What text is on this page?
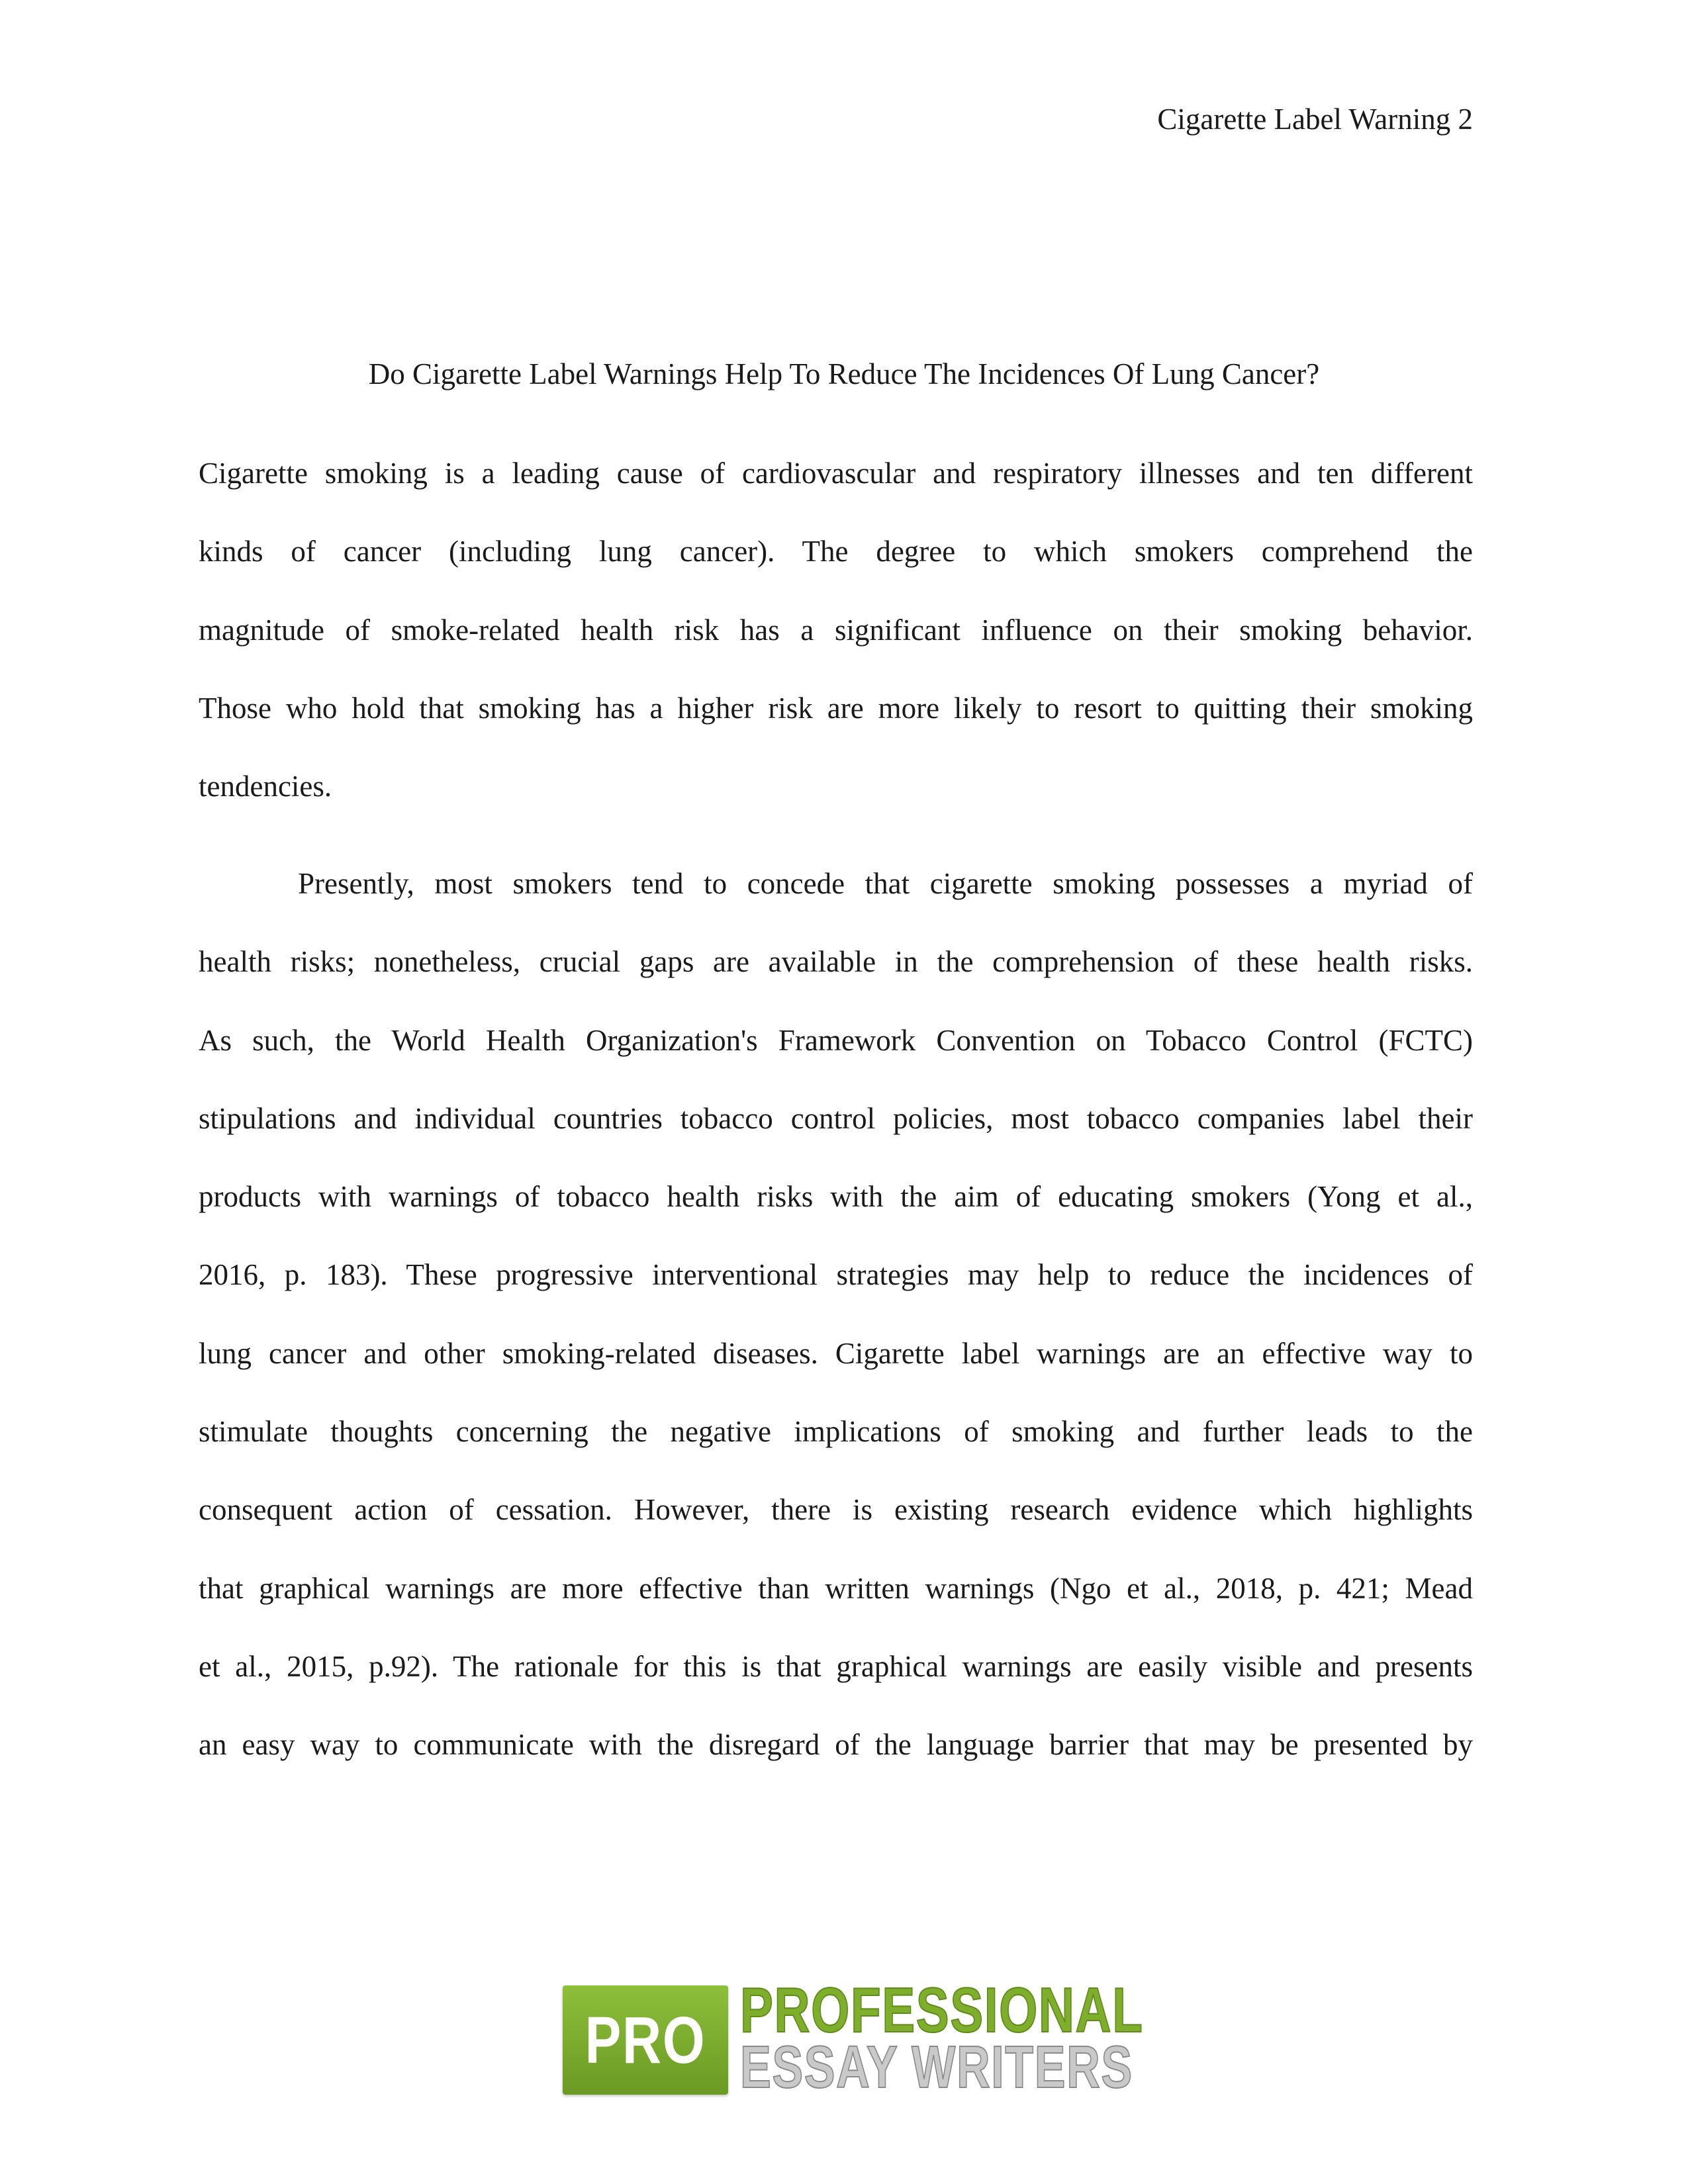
Cigarette Label Warning 2
Do Cigarette Label Warnings Help To Reduce The Incidences Of Lung Cancer?
Cigarette smoking is a leading cause of cardiovascular and respiratory illnesses and ten different
kinds of cancer (including lung cancer). The degree to which smokers comprehend the
magnitude of smoke-related health risk has a significant influence on their smoking behavior.
Those who hold that smoking has a higher risk are more likely to resort to quitting their smoking
tendencies.
Presently, most smokers tend to concede that cigarette smoking possesses a myriad of
health risks; nonetheless, crucial gaps are available in the comprehension of these health risks.
As such, the World Health Organization's Framework Convention on Tobacco Control (FCTC)
stipulations and individual countries tobacco control policies, most tobacco companies label their
products with warnings of tobacco health risks with the aim of educating smokers (Yong et al.,
2016, p. 183). These progressive interventional strategies may help to reduce the incidences of
lung cancer and other smoking-related diseases. Cigarette label warnings are an effective way to
stimulate thoughts concerning the negative implications of smoking and further leads to the
consequent action of cessation. However, there is existing research evidence which highlights
that graphical warnings are more effective than written warnings (Ngo et al., 2018, p. 421; Mead
et al., 2015, p.92). The rationale for this is that graphical warnings are easily visible and presents
an easy way to communicate with the disregard of the language barrier that may be presented by
PRO PROFESSIONAL
ESSAY WRITERS
